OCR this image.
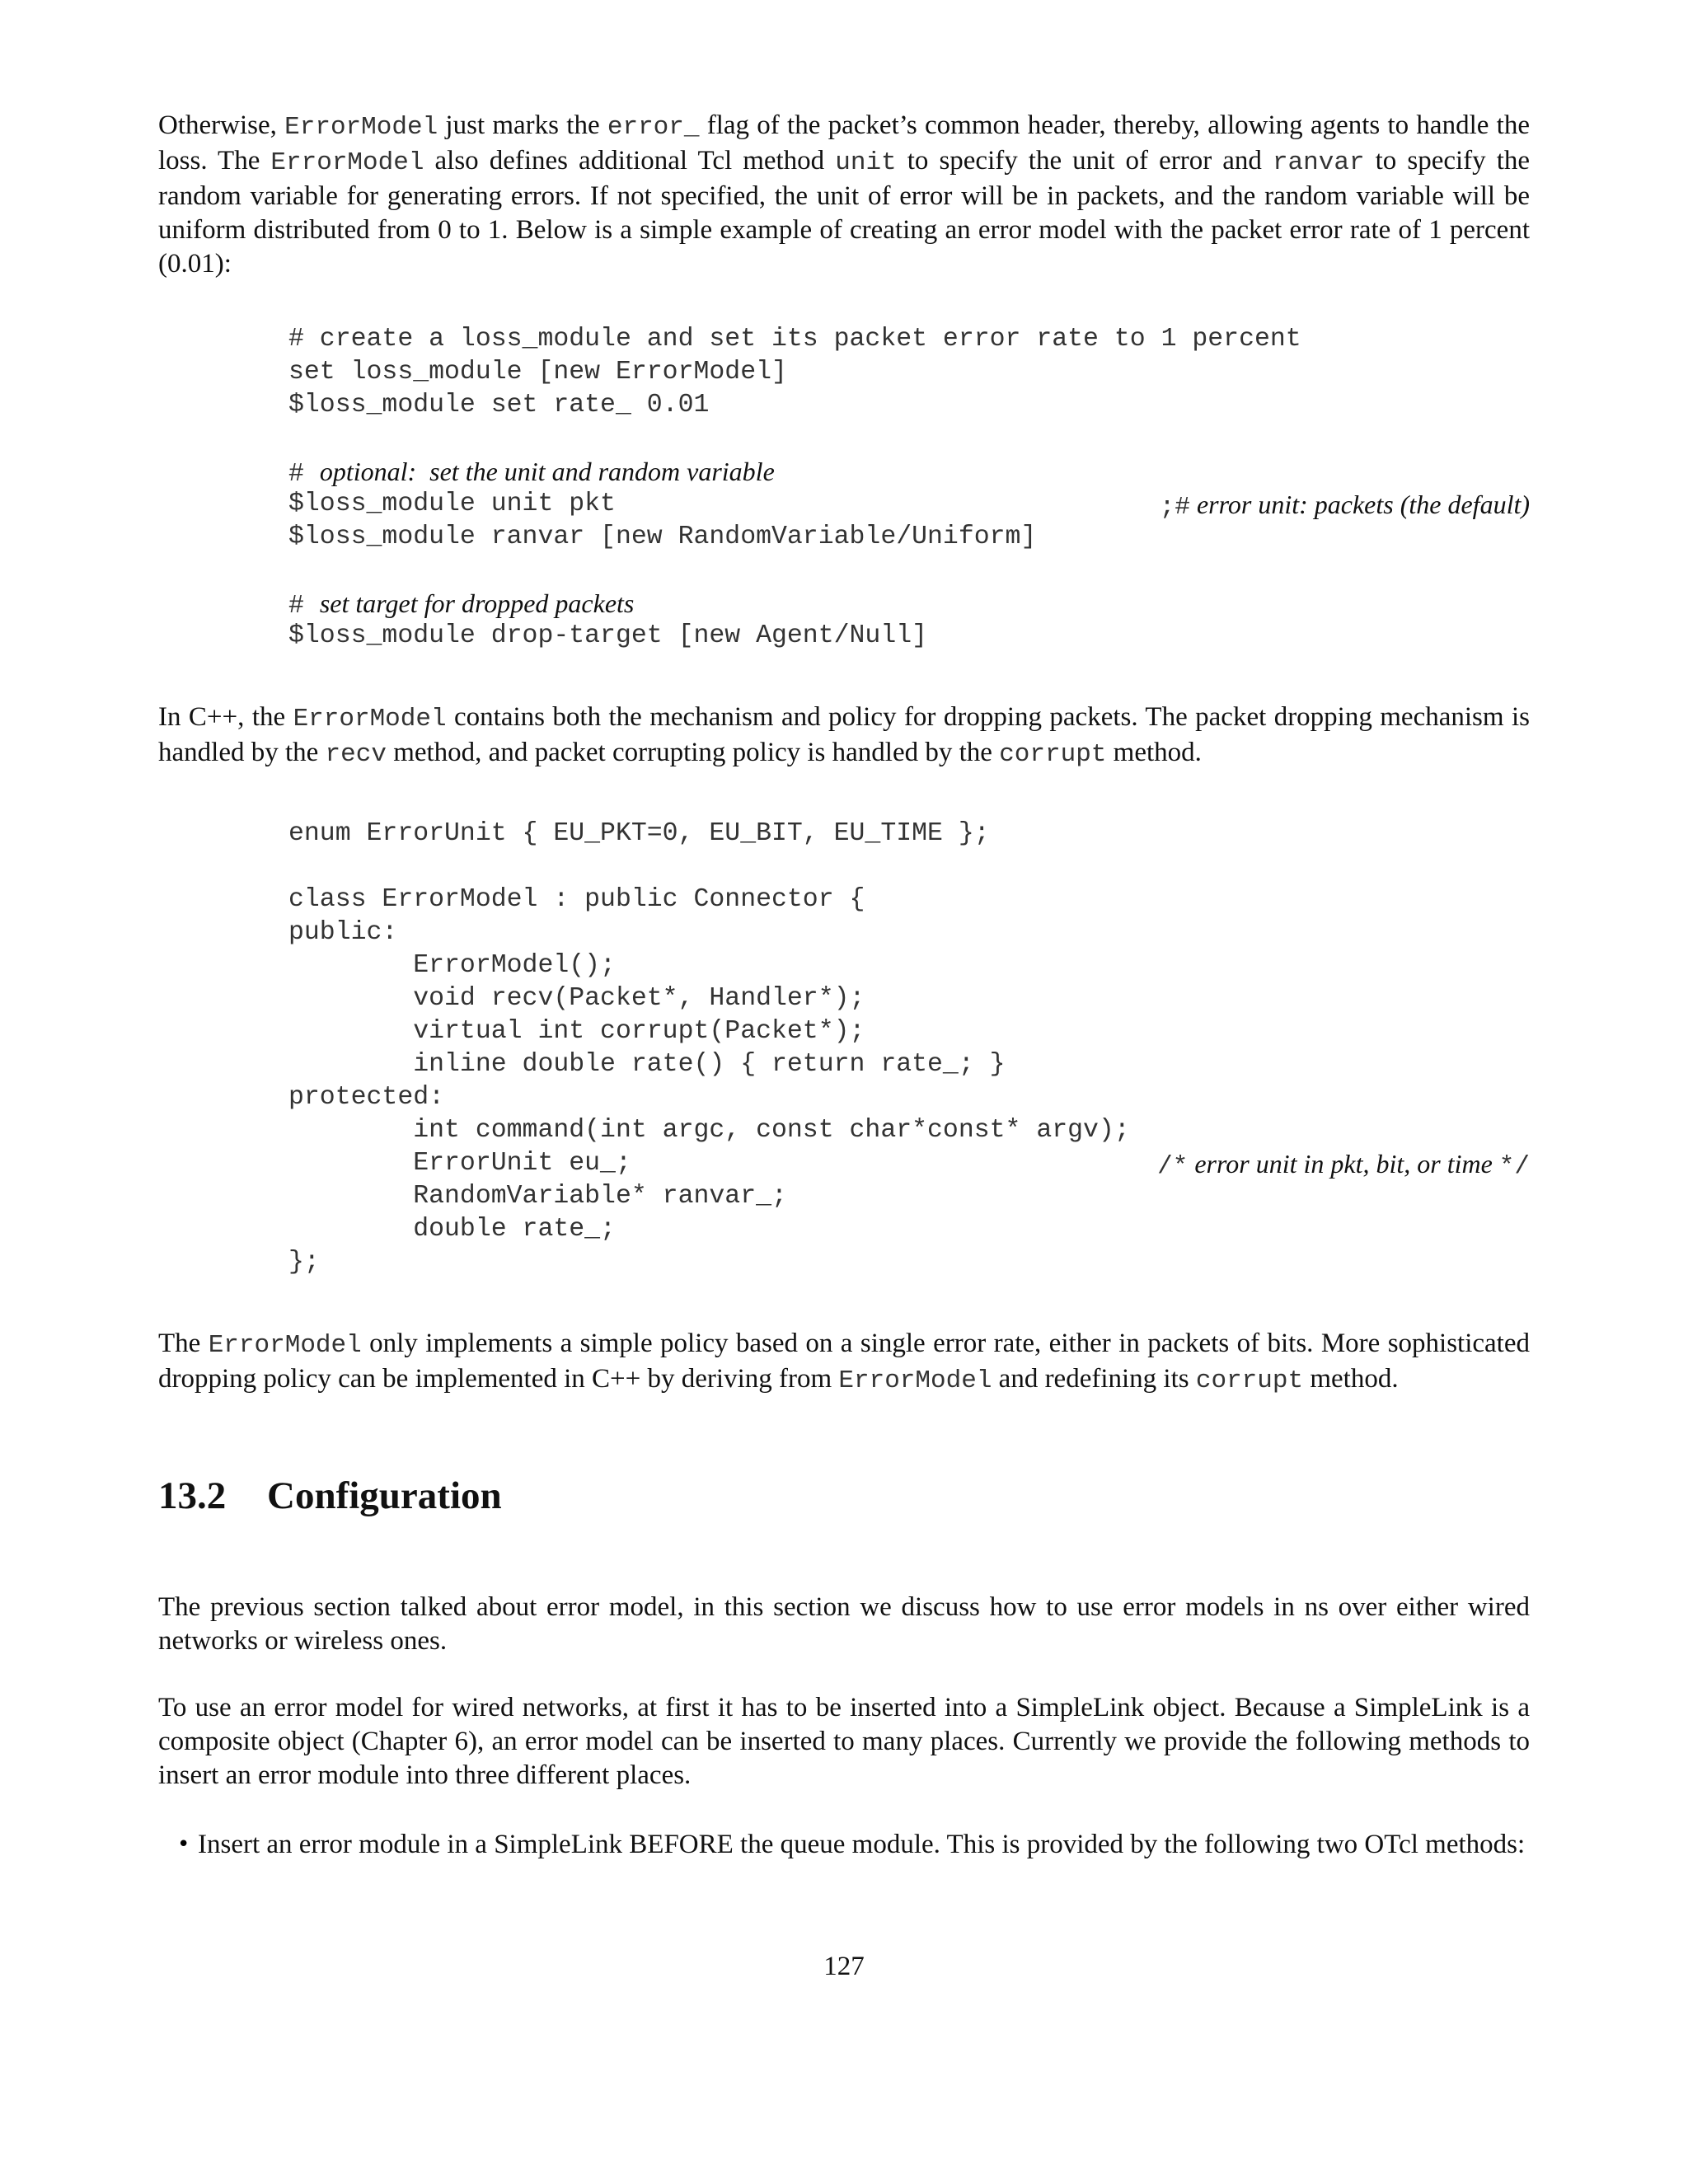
Otherwise, ErrorModel just marks the error_ flag of the packet’s common header, thereby, allowing agents to handle the loss. The ErrorModel also defines additional Tcl method unit to specify the unit of error and ranvar to specify the random variable for generating errors. If not specified, the unit of error will be in packets, and the random variable will be uniform distributed from 0 to 1. Below is a simple example of creating an error model with the packet error rate of 1 percent (0.01):

# create a loss_module and set its packet error rate to 1 percent
set loss_module [new ErrorModel]
$loss_module set rate_ 0.01
# optional:  set the unit and random variable
$loss_module unit pkt	;# error unit: packets (the default)
$loss_module ranvar [new RandomVariable/Uniform]
# set target for dropped packets
$loss_module drop-target [new Agent/Null]

In C++, the ErrorModel contains both the mechanism and policy for dropping packets. The packet dropping mechanism is handled by the recv method, and packet corrupting policy is handled by the corrupt method.

enum ErrorUnit { EU_PKT=0, EU_BIT, EU_TIME };
class ErrorModel : public Connector {
public:
ErrorModel();
void recv(Packet*, Handler*);
virtual int corrupt(Packet*);
inline double rate() { return rate_; }
protected:
int command(int argc, const char*const* argv);
ErrorUnit eu_;	/* error unit in pkt, bit, or time */
RandomVariable* ranvar_;
double rate_;
};

The ErrorModel only implements a simple policy based on a single error rate, either in packets of bits. More sophisticated dropping policy can be implemented in C++ by deriving from ErrorModel and redefining its corrupt method.

13.2 Configuration

The previous section talked about error model, in this section we discuss how to use error models in ns over either wired networks or wireless ones.

To use an error model for wired networks, at first it has to be inserted into a SimpleLink object. Because a SimpleLink is a composite object (Chapter 6), an error model can be inserted to many places. Currently we provide the following methods to insert an error module into three different places.

• Insert an error module in a SimpleLink BEFORE the queue module. This is provided by the following two OTcl methods:

127
